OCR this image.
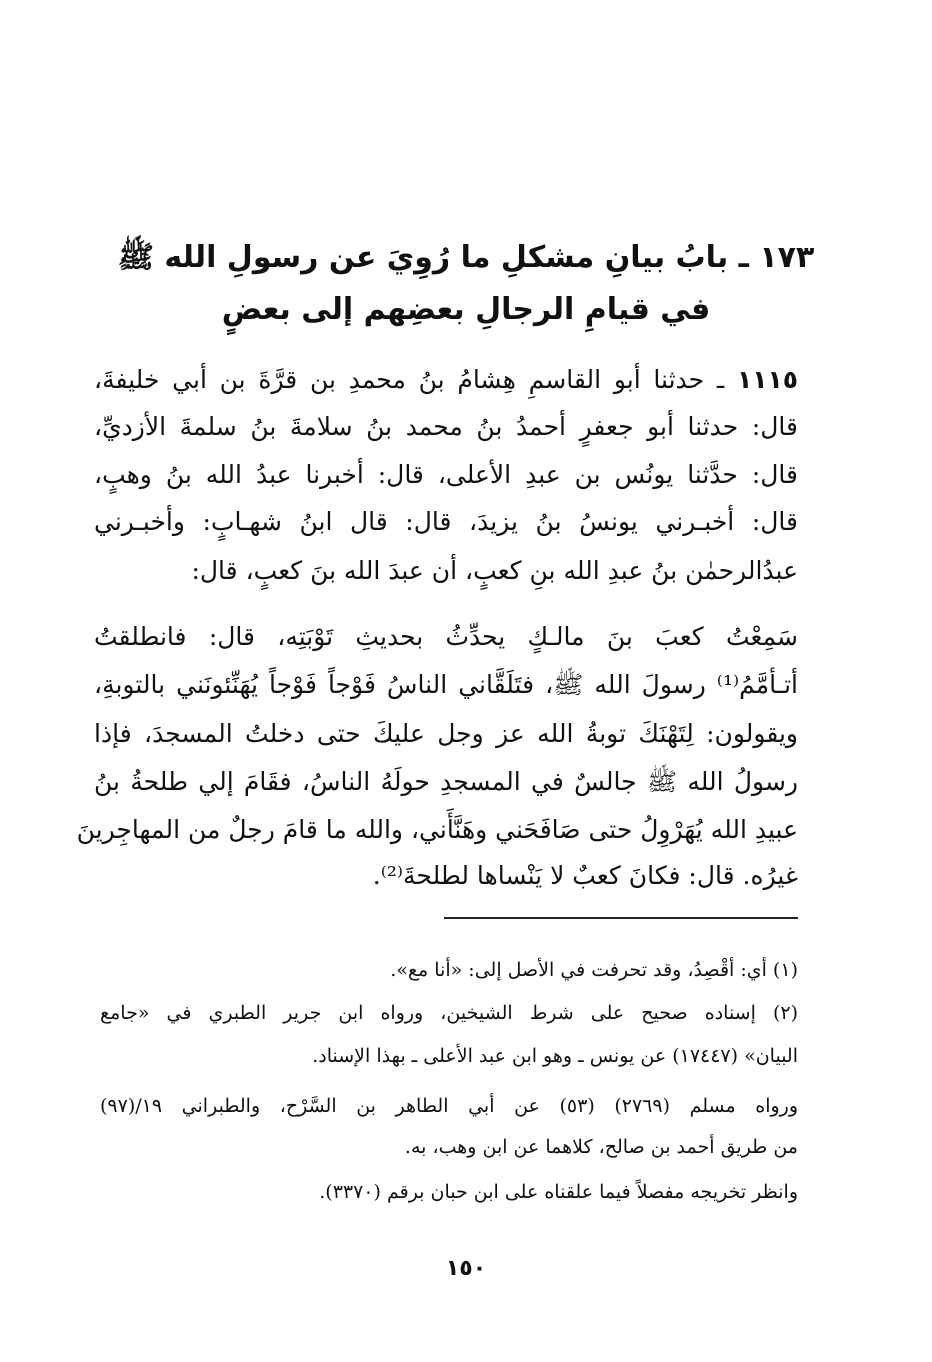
١٧٣ ـ بابُ بيانِ مشكلِ ما رُوِيَ عن رسولِ الله ﷺ
في قيامِ الرجالِ بعضِهم إلى بعضٍ
١١١٥ ـ حدثنا أبو القاسمِ هِشامُ بنُ محمدِ بن قرَّةَ بن أبي خليفةَ،
قال: حدثنا أبو جعفرٍ أحمدُ بنُ محمد بنُ سلامةَ بنُ سلمةَ الأزديِّ،
قال: حدَّثنا يونُس بن عبدِ الأعلى، قال: أخبرنا عبدُ الله بنُ وهبٍ،
قال: أخبـرني يونسُ بنُ يزيدَ، قال: قال ابنُ شهـابٍ: وأخبـرني
عبدُالرحمٰن بنُ عبدِ الله بنِ كعبٍ، أن عبدَ الله بنَ كعبٍ، قال:
سَمِعْتُ كعبَ بنَ مالـكٍ يحدِّثُ بحديثِ تَوْبَتِه، قال: فانطلقتُ
أتـأمَّمُ⁽¹⁾ رسولَ الله ﷺ، فتَلَقَّاني الناسُ فَوْجاً فَوْجاً يُهَنِّئونَني بالتوبةِ،
ويقولون: لِتَهْنَكَ توبةُ الله عز وجل عليكَ حتى دخلتُ المسجدَ، فإذا
رسولُ الله ﷺ جالسٌ في المسجدِ حولَهُ الناسُ، فقَامَ إلي طلحةُ بنُ
عبيدِ الله يُهَرْوِلُ حتى صَافَحَني وهَنَّأَني، والله ما قامَ رجلٌ من المهاجِرينَ
غيرُه. قال: فكانَ كعبٌ لا يَنْساها لطلحةَ⁽²⁾.
(١) أي: أقْصِدُ، وقد تحرفت في الأصل إلى: «أنا مع».
(٢) إسناده صحيح على شرط الشيخين، ورواه ابن جرير الطبري في «جامع
البيان» (١٧٤٤٧) عن يونس ـ وهو ابن عبد الأعلى ـ بهذا الإسناد.
ورواه مسلم (٢٧٦٩) (٥٣) عن أبي الطاهر بن السَّرْح، والطبراني ١٩/(٩٧)
من طريق أحمد بن صالح، كلاهما عن ابن وهب، به.
وانظر تخريجه مفصلاً فيما علقناه على ابن حبان برقم (٣٣٧٠).
١٥٠
